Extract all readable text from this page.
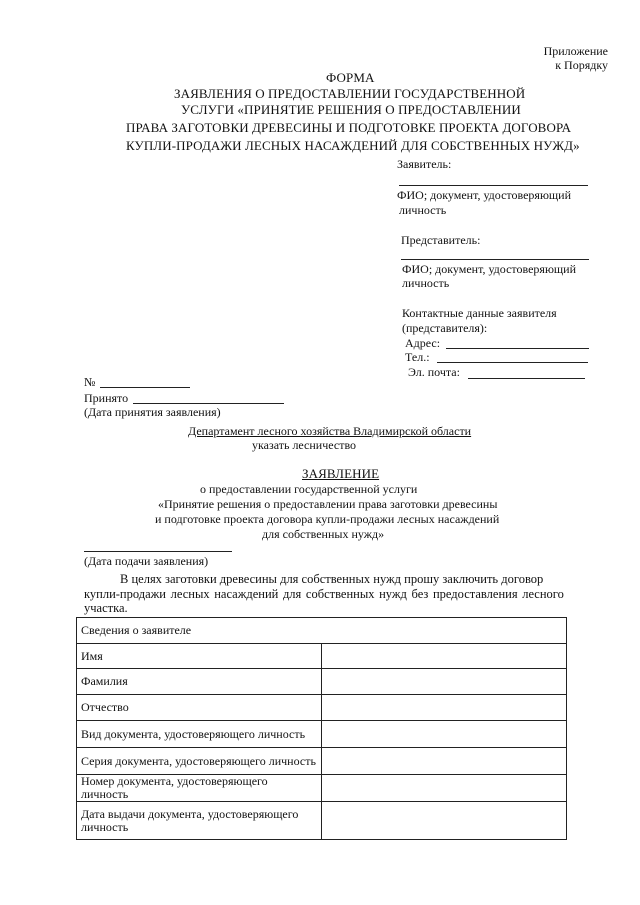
Приложение
к Порядку
ФОРМА
ЗАЯВЛЕНИЯ О ПРЕДОСТАВЛЕНИИ ГОСУДАРСТВЕННОЙ
УСЛУГИ «ПРИНЯТИЕ РЕШЕНИЯ О ПРЕДОСТАВЛЕНИИ
ПРАВА ЗАГОТОВКИ ДРЕВЕСИНЫ И ПОДГОТОВКЕ ПРОЕКТА ДОГОВОРА
КУПЛИ-ПРОДАЖИ ЛЕСНЫХ НАСАЖДЕНИЙ ДЛЯ СОБСТВЕННЫХ НУЖД»
Заявитель:
ФИО; документ, удостоверяющий
личность
Представитель:
ФИО; документ, удостоверяющий
личность
Контактные данные заявителя
(представителя):
Адрес:
Тел.:
Эл. почта:
№
Принято
(Дата принятия заявления)
Департамент лесного хозяйства Владимирской области
указать лесничество
ЗАЯВЛЕНИЕ
о предоставлении государственной услуги
«Принятие решения о предоставлении права заготовки древесины
и подготовке проекта договора купли-продажи лесных насаждений
для собственных нужд»
(Дата подачи заявления)
В целях заготовки древесины для собственных нужд прошу заключить договор
купли-продажи лесных насаждений для собственных нужд без предоставления лесного
участка.
Сведения о заявителе	
Имя	
Фамилия	
Отчество	
Вид документа, удостоверяющего личность	
Серия документа, удостоверяющего личность	
Номер документа, удостоверяющего личность	
Дата выдачи документа, удостоверяющего личность	
